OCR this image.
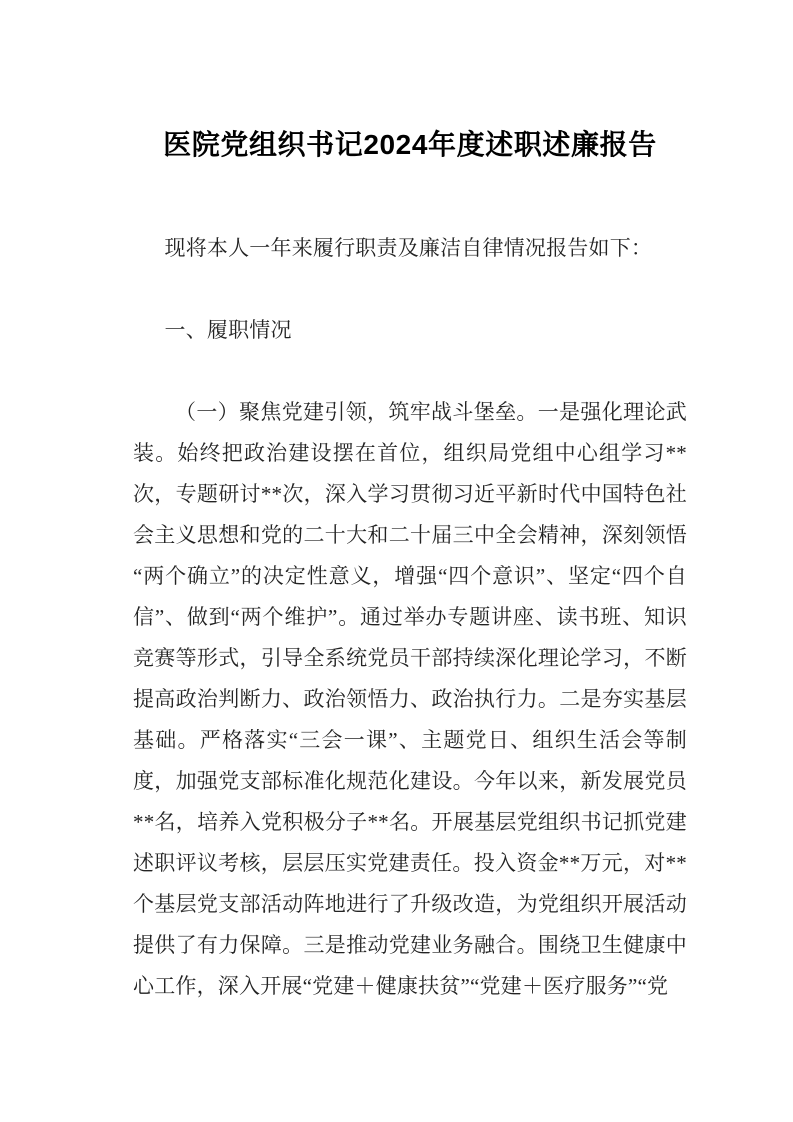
医院党组织书记2024年度述职述廉报告

现将本人一年来履行职责及廉洁自律情况报告如下：

一、履职情况

（一）聚焦党建引领，筑牢战斗堡垒。一是强化理论武装。始终把政治建设摆在首位，组织局党组中心组学习**次，专题研讨**次，深入学习贯彻习近平新时代中国特色社会主义思想和党的二十大和二十届三中全会精神，深刻领悟“两个确立”的决定性意义，增强“四个意识”、坚定“四个自信”、做到“两个维护”。通过举办专题讲座、读书班、知识竞赛等形式，引导全系统党员干部持续深化理论学习，不断提高政治判断力、政治领悟力、政治执行力。二是夯实基层基础。严格落实“三会一课”、主题党日、组织生活会等制度，加强党支部标准化规范化建设。今年以来，新发展党员**名，培养入党积极分子**名。开展基层党组织书记抓党建述职评议考核，层层压实党建责任。投入资金**万元，对**个基层党支部活动阵地进行了升级改造，为党组织开展活动提供了有力保障。三是推动党建业务融合。围绕卫生健康中心工作，深入开展“党建＋健康扶贫”“党建＋医疗服务”“党
